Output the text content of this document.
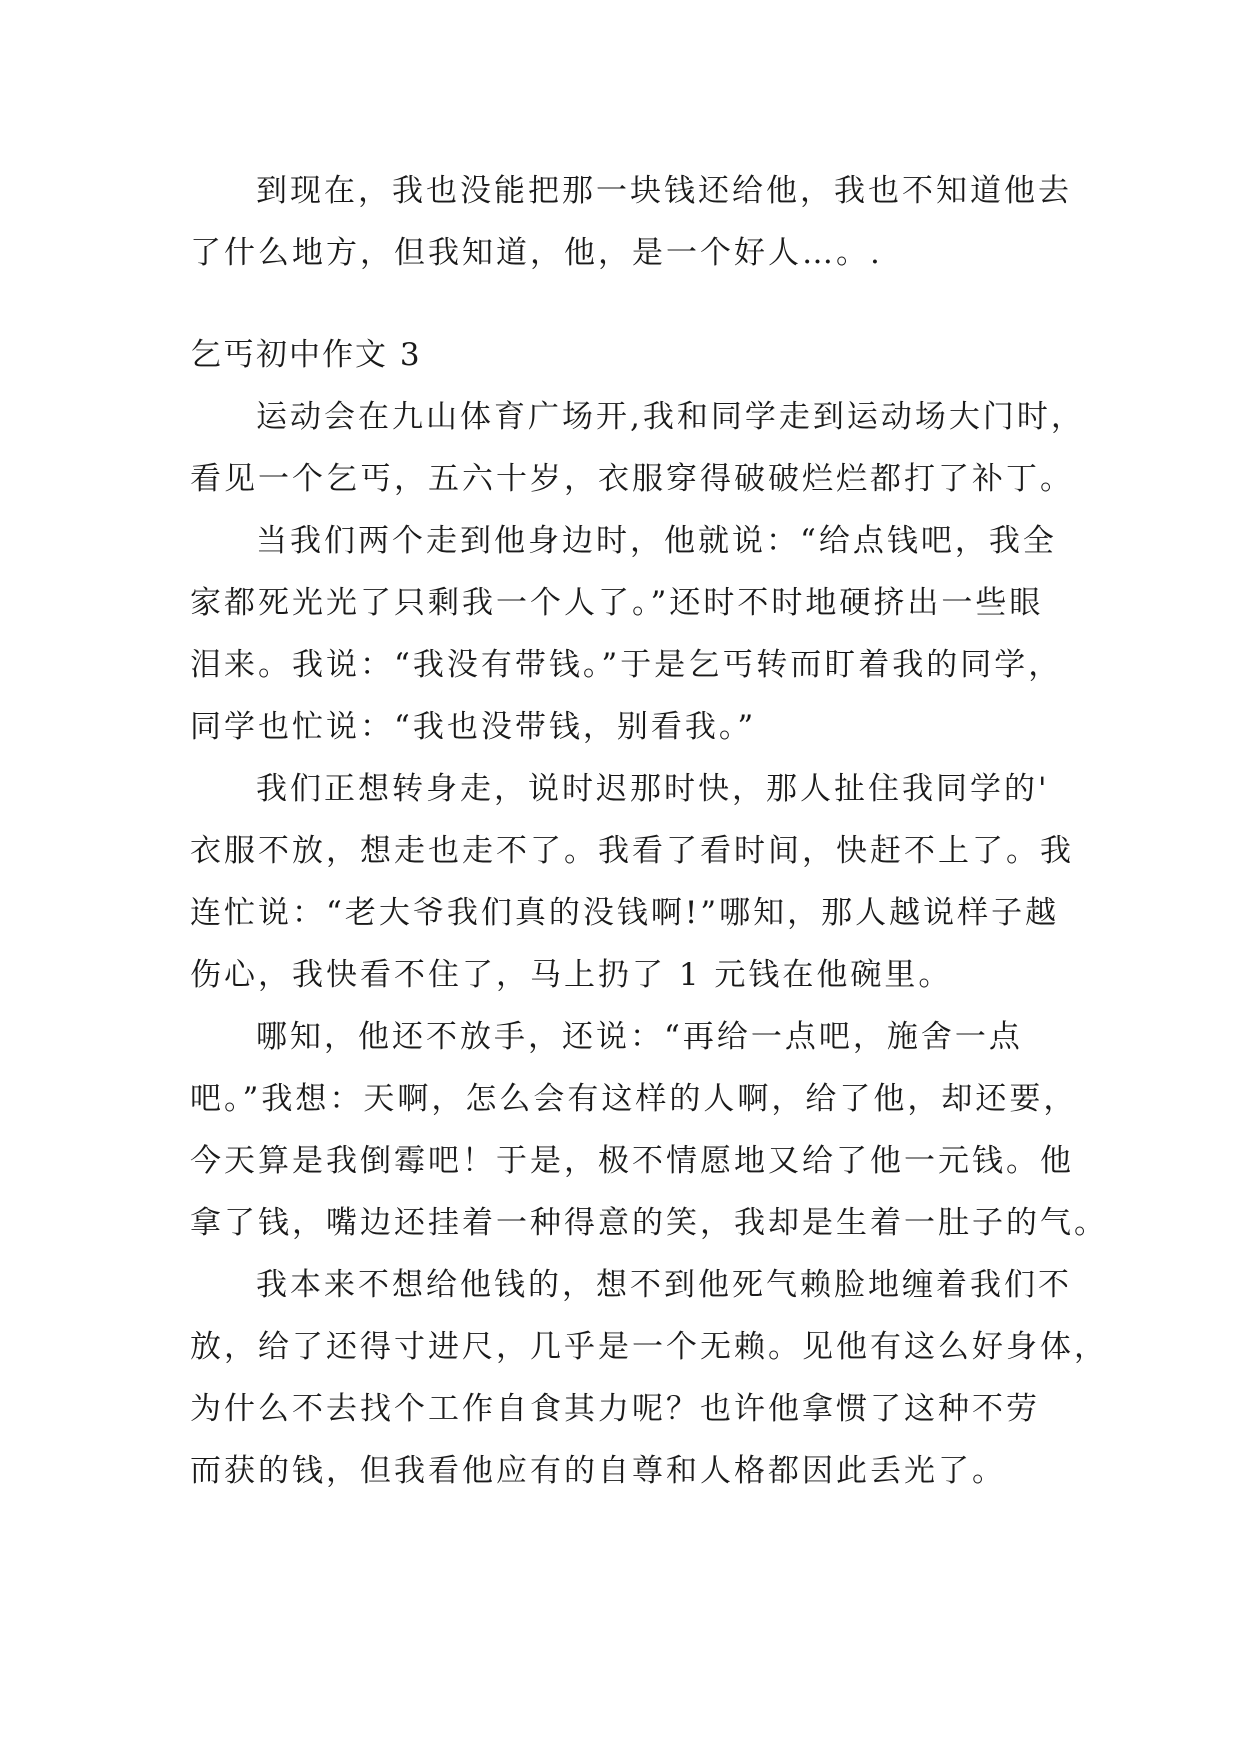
到现在，我也没能把那一块钱还给他，我也不知道他去
了什么地方，但我知道，他，是一个好人…。.
乞丐初中作文 3
运动会在九山体育广场开,我和同学走到运动场大门时，
看见一个乞丐，五六十岁，衣服穿得破破烂烂都打了补丁。
当我们两个走到他身边时，他就说：“给点钱吧，我全
家都死光光了只剩我一个人了。”还时不时地硬挤出一些眼
泪来。我说：“我没有带钱。”于是乞丐转而盯着我的同学，
同学也忙说：“我也没带钱，别看我。”
我们正想转身走，说时迟那时快，那人扯住我同学的'
衣服不放，想走也走不了。我看了看时间，快赶不上了。我
连忙说：“老大爷我们真的没钱啊!”哪知，那人越说样子越
伤心，我快看不住了，马上扔了 1 元钱在他碗里。
哪知，他还不放手，还说：“再给一点吧，施舍一点
吧。”我想：天啊，怎么会有这样的人啊，给了他，却还要，
今天算是我倒霉吧！于是，极不情愿地又给了他一元钱。他
拿了钱，嘴边还挂着一种得意的笑，我却是生着一肚子的气。
我本来不想给他钱的，想不到他死气赖脸地缠着我们不
放，给了还得寸进尺，几乎是一个无赖。见他有这么好身体，
为什么不去找个工作自食其力呢？也许他拿惯了这种不劳
而获的钱，但我看他应有的自尊和人格都因此丢光了。
